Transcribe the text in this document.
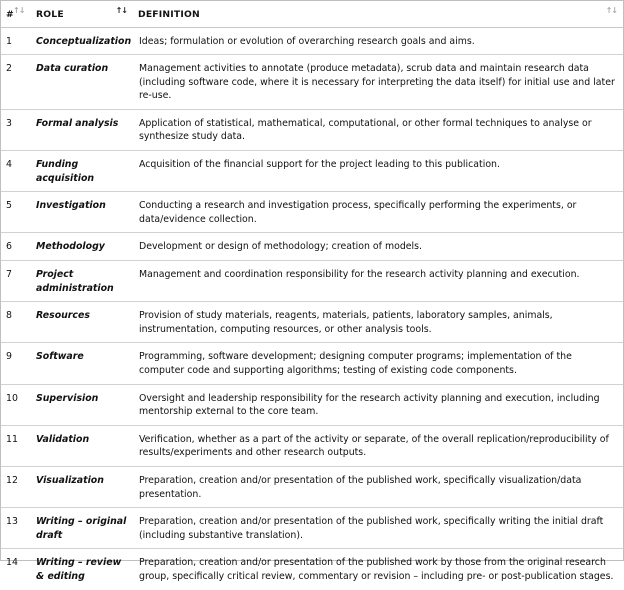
# ↑↓	ROLE ↑↓	DEFINITION ↑↓

1	Conceptualization	Ideas; formulation or evolution of overarching research goals and aims.
2	Data curation	Management activities to annotate (produce metadata), scrub data and maintain research data (including software code, where it is necessary for interpreting the data itself) for initial use and later re-use.
3	Formal analysis	Application of statistical, mathematical, computational, or other formal techniques to analyse or synthesize study data.
4	Funding acquisition	Acquisition of the financial support for the project leading to this publication.
5	Investigation	Conducting a research and investigation process, specifically performing the experiments, or data/evidence collection.
6	Methodology	Development or design of methodology; creation of models.
7	Project administration	Management and coordination responsibility for the research activity planning and execution.
8	Resources	Provision of study materials, reagents, materials, patients, laboratory samples, animals, instrumentation, computing resources, or other analysis tools.
9	Software	Programming, software development; designing computer programs; implementation of the computer code and supporting algorithms; testing of existing code components.
10	Supervision	Oversight and leadership responsibility for the research activity planning and execution, including mentorship external to the core team.
11	Validation	Verification, whether as a part of the activity or separate, of the overall replication/reproducibility of results/experiments and other research outputs.
12	Visualization	Preparation, creation and/or presentation of the published work, specifically visualization/data presentation.
13	Writing – original draft	Preparation, creation and/or presentation of the published work, specifically writing the initial draft (including substantive translation).
14	Writing – review & editing	Preparation, creation and/or presentation of the published work by those from the original research group, specifically critical review, commentary or revision – including pre- or post-publication stages.
